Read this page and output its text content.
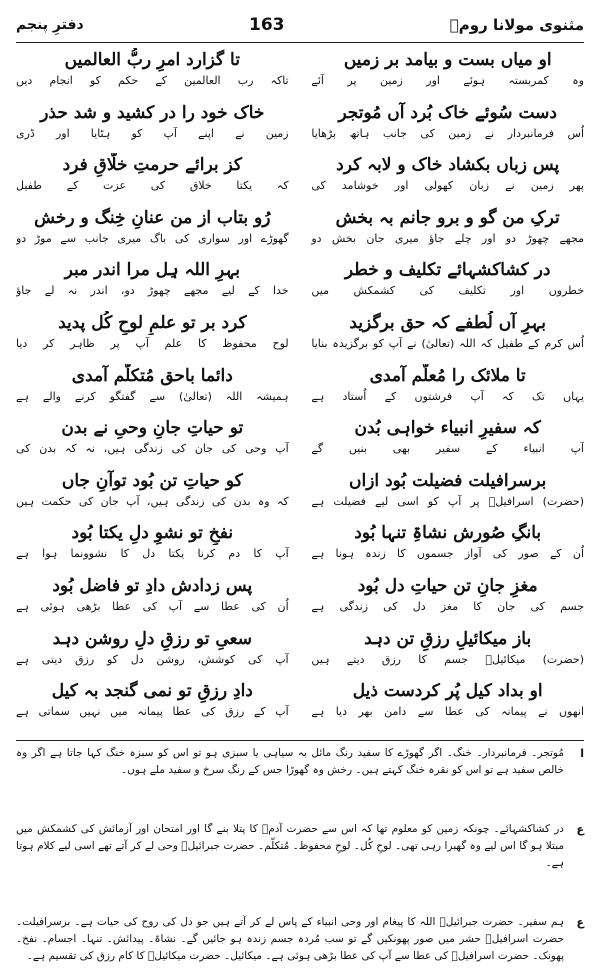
مثنوی مولانا رومؒ
163
دفترِ پنجم
او میاں بست و بیامد بر زمیں
وہ کمربستہ ہوئے اور زمین پر آئے
تا گزارد امرِ ربُّ العالمیں
تاکہ رب العالمین کے حکم کو انجام دیں
دست سُوئے خاک بُرد آں مُوتجر
اُس فرمانبردار نے زمین کی جانب ہاتھ بڑھایا
خاک خود را در کشید و شد حذر
زمین نے اپنے آپ کو ہٹایا اور ڈری
پس زباں بکشاد خاک و لابہ کرد
پھر زمین نے زبان کھولی اور خوشامد کی
کز برائے حرمتِ خلّاقِ فرد
کہ یکتا خلاق کی عزت کے طفیل
ترکِ من گو و برو جانم بہ بخش
مجھے چھوڑ دو اور چلے جاؤ میری جان بخش دو
رُو بتاب از من عنانِ خِنگ و رخش
گھوڑے اور سواری کی باگ میری جانب سے موڑ دو
در کشاکشہائے تکلیف و خطر
خطروں اور تکلیف کی کشمکش میں
بہرِ اللہ ہِل مرا اندر مبر
خدا کے لیے مجھے چھوڑ دو، اندر نہ لے جاؤ
بہرِ آں لُطفے کہ حق برگزید
اُس کرم کے طفیل کہ اللہ (تعالیٰ) نے آپ کو برگزیدہ بنایا
کرد بر تو علمِ لوحِ کُل پدید
لوح محفوظ کا علم آپ پر ظاہر کر دیا
تا ملائک را مُعلّم آمدی
یہاں تک کہ آپ فرشتوں کے اُستاد ہے
دائما باحق مُتکلّم آمدی
ہمیشہ اللہ (تعالیٰ) سے گفتگو کرنے والے ہے
کہ سفیرِ انبیاء خواہی بُدن
آپ انبیاء کے سفیر بھی بنیں گے
تو حیاتِ جانِ وحیِ نے بدن
آپ وحی کی جان کی زندگی ہیں، نہ کہ بدن کی
برسرافیلت فضیلت بُود ازاں
(حضرت) اسرافیلؑ پر آپ کو اسی لیے فضیلت ہے
کو حیاتِ تن بُود توآنِ جاں
کہ وہ بدن کی زندگی ہیں، آپ جان کی حکمت ہیں
بانگِ صُورش نشاۃِ تنہا بُود
اُن کے صور کی آواز جسموں کا زندہ ہونا ہے
نفخِ تو نشوِ دلِ یکتا بُود
آپ کا دم کرنا یکتا دل کا نشوونما ہوا ہے
مغزِ جانِ تن حیاتِ دل بُود
جسم کی جان کا مغز دل کی زندگی ہے
پس زدادش دادِ تو فاضل بُود
اُن کی عطا سے آپ کی عطا بڑھی ہوئی ہے
باز میکائیلِ رزقِ تن دہد
(حضرت) میکائیلؑ جسم کا رزق دیتے ہیں
سعیِ تو رزقِ دلِ روشن دہد
آپ کی کوشش، روشن دل کو رزق دیتی ہے
او بداد کیل پُر کردست ذیل
انھوں نے پیمانہ کی عطا سے دامن بھر دیا ہے
دادِ رزقِ تو نمی گنجد بہ کیل
آپ کے رزق کی عطا پیمانہ میں نہیں سماتی ہے
ا
مُوتجر۔ فرمانبردار۔ خنگ۔ اگر گھوڑے کا سفید رنگ مائل بہ سیاہی یا سبزی ہو تو اس کو سبزہ خنگ کہا جاتا ہے اگر وہ خالص سفید ہے تو اس کو نقرہ خنگ کہتے ہیں۔ رخش وہ گھوڑا جس کے رنگ سرخ و سفید ملے ہوں۔
ع
در کشاکشہائے۔ چونکہ زمین کو معلوم تھا کہ اس سے حضرت آدمؑ کا پتلا بنے گا اور امتحان اور آزمائش کی کشمکش میں مبتلا ہو گا اس لیے وہ گھبرا رہی تھی۔ لوحِ کُل۔ لوحِ محفوظ۔ مُتکلّم۔ حضرت جبرائیلؑ وحی لے کر آتے تھے اسی لیے کلام ہوتا ہے۔
ع
ہم سفیر۔ حضرت جبرائیلؑ اللہ کا پیغام اور وحی انبیاء کے پاس لے کر آتے ہیں جو دل کی روح کی حیات ہے۔ برسرافیلت۔ حضرت اسرافیلؑ حشر میں صور پھونکیں گے تو سب مُردہ جسم زندہ ہو جائیں گے۔ نشاۃ۔ پیدائش۔ تنہا۔ اجسام۔ نفخ۔ پھونک۔ حضرت اسرافیلؑ کی عطا سے آپ کی عطا بڑھی ہوئی ہے۔ میکائیل۔ حضرت میکائیلؑ کا کام رزق کی تقسیم ہے۔
